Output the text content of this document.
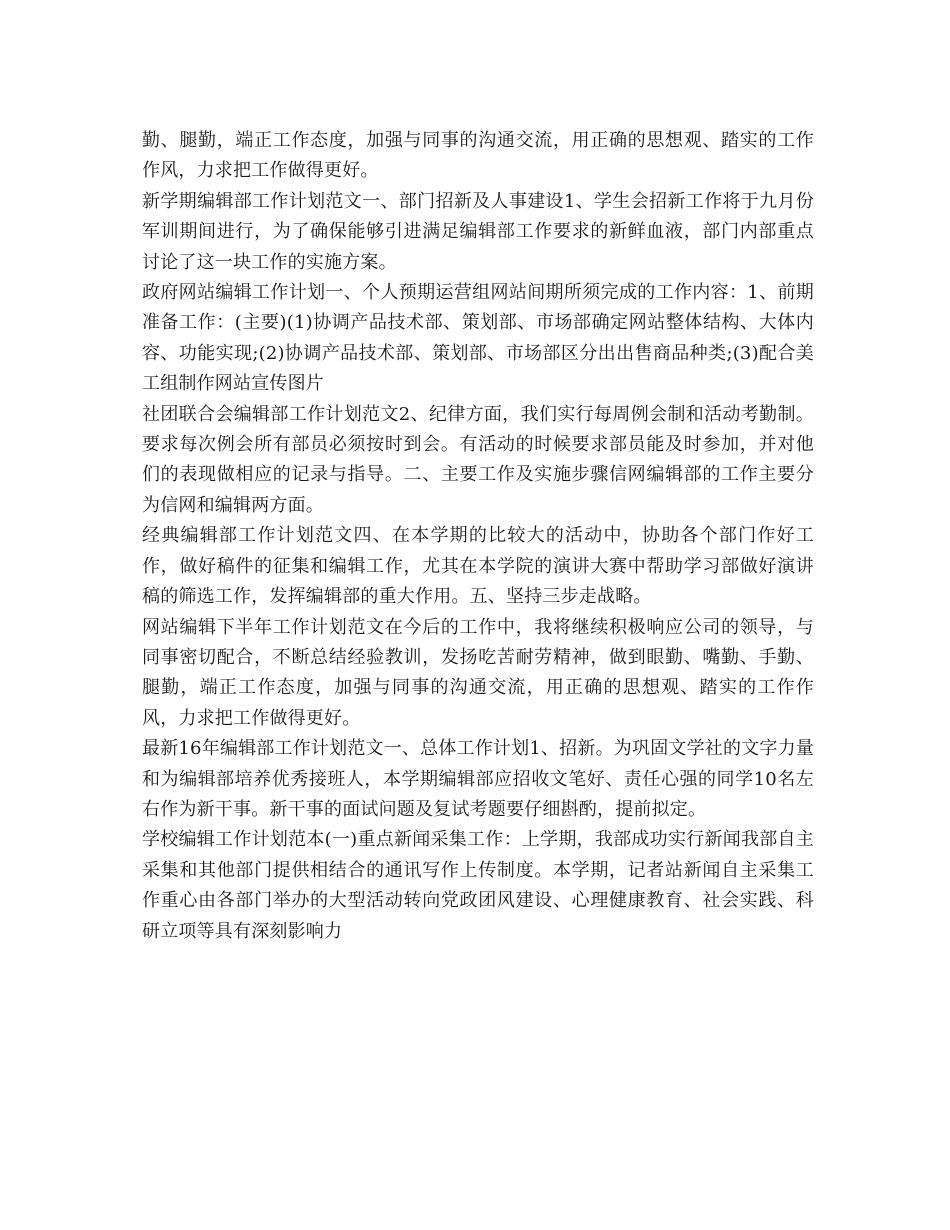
勤、腿勤，端正工作态度，加强与同事的沟通交流，用正确的思想观、踏实的工作作风，力求把工作做得更好。

新学期编辑部工作计划范文一、部门招新及人事建设1、学生会招新工作将于九月份军训期间进行，为了确保能够引进满足编辑部工作要求的新鲜血液，部门内部重点讨论了这一块工作的实施方案。

政府网站编辑工作计划一、个人预期运营组网站间期所须完成的工作内容：1、前期准备工作：(主要)(1)协调产品技术部、策划部、市场部确定网站整体结构、大体内容、功能实现;(2)协调产品技术部、策划部、市场部区分出出售商品种类;(3)配合美工组制作网站宣传图片

社团联合会编辑部工作计划范文2、纪律方面，我们实行每周例会制和活动考勤制。要求每次例会所有部员必须按时到会。有活动的时候要求部员能及时参加，并对他们的表现做相应的记录与指导。二、主要工作及实施步骤信网编辑部的工作主要分为信网和编辑两方面。

经典编辑部工作计划范文四、在本学期的比较大的活动中，协助各个部门作好工作，做好稿件的征集和编辑工作，尤其在本学院的演讲大赛中帮助学习部做好演讲稿的筛选工作，发挥编辑部的重大作用。五、坚持三步走战略。

网站编辑下半年工作计划范文在今后的工作中，我将继续积极响应公司的领导，与同事密切配合，不断总结经验教训，发扬吃苦耐劳精神，做到眼勤、嘴勤、手勤、腿勤，端正工作态度，加强与同事的沟通交流，用正确的思想观、踏实的工作作风，力求把工作做得更好。

最新16年编辑部工作计划范文一、总体工作计划1、招新。为巩固文学社的文字力量和为编辑部培养优秀接班人，本学期编辑部应招收文笔好、责任心强的同学10名左右作为新干事。新干事的面试问题及复试考题要仔细斟酌，提前拟定。

学校编辑工作计划范本(一)重点新闻采集工作：上学期，我部成功实行新闻我部自主采集和其他部门提供相结合的通讯写作上传制度。本学期，记者站新闻自主采集工作重心由各部门举办的大型活动转向党政团风建设、心理健康教育、社会实践、科研立项等具有深刻影响力
